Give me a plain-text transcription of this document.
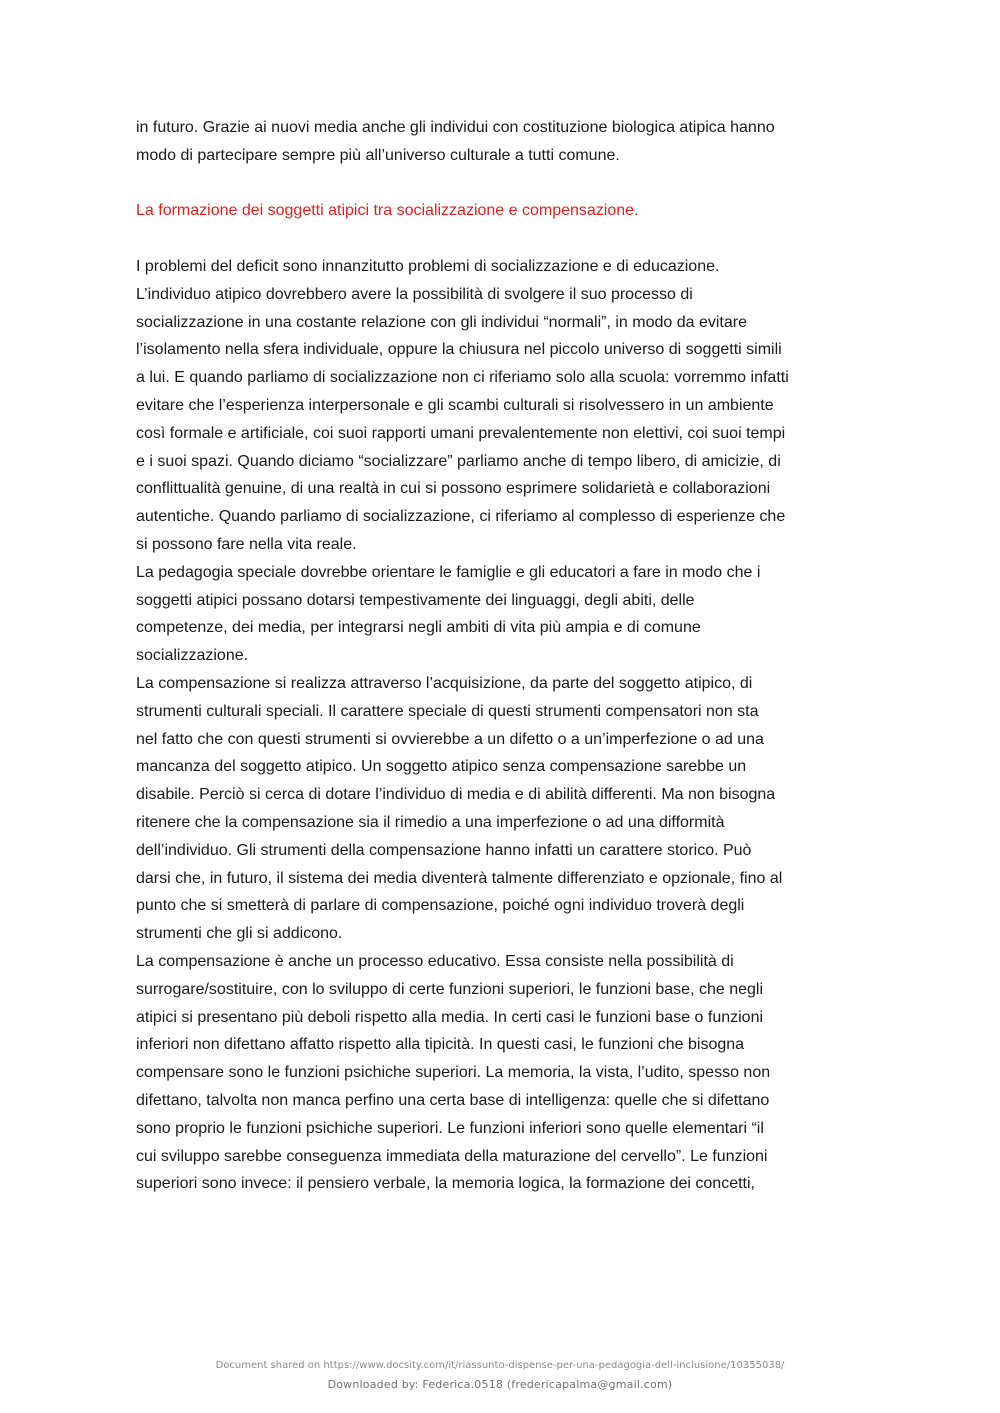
in futuro. Grazie ai nuovi media anche gli individui con costituzione biologica atipica hanno
modo di partecipare sempre più all’universo culturale a tutti comune.
La formazione dei soggetti atipici tra socializzazione e compensazione.
I problemi del deficit sono innanzitutto problemi di socializzazione e di educazione.
L’individuo atipico dovrebbero avere la possibilità di svolgere il suo processo di
socializzazione in una costante relazione con gli individui “normali”, in modo da evitare
l’isolamento nella sfera individuale, oppure la chiusura nel piccolo universo di soggetti simili
a lui. E quando parliamo di socializzazione non ci riferiamo solo alla scuola: vorremmo infatti
evitare che l’esperienza interpersonale e gli scambi culturali si risolvessero in un ambiente
così formale e artificiale, coi suoi rapporti umani prevalentemente non elettivi, coi suoi tempi
e i suoi spazi. Quando diciamo “socializzare” parliamo anche di tempo libero, di amicizie, di
conflittualità genuine, di una realtà in cui si possono esprimere solidarietà e collaborazioni
autentiche. Quando parliamo di socializzazione, ci riferiamo al complesso di esperienze che
si possono fare nella vita reale.
La pedagogia speciale dovrebbe orientare le famiglie e gli educatori a fare in modo che i
soggetti atipici possano dotarsi tempestivamente dei linguaggi, degli abiti, delle
competenze, dei media, per integrarsi negli ambiti di vita più ampia e di comune
socializzazione.
La compensazione si realizza attraverso l’acquisizione, da parte del soggetto atipico, di
strumenti culturali speciali. Il carattere speciale di questi strumenti compensatori non sta
nel fatto che con questi strumenti si ovvierebbe a un difetto o a un’imperfezione o ad una
mancanza del soggetto atipico. Un soggetto atipico senza compensazione sarebbe un
disabile. Perciò si cerca di dotare l’individuo di media e di abilità differenti. Ma non bisogna
ritenere che la compensazione sia il rimedio a una imperfezione o ad una difformità
dell’individuo. Gli strumenti della compensazione hanno infatti un carattere storico. Può
darsi che, in futuro, il sistema dei media diventerà talmente differenziato e opzionale, fino al
punto che si smetterà di parlare di compensazione, poiché ogni individuo troverà degli
strumenti che gli si addicono.
La compensazione è anche un processo educativo. Essa consiste nella possibilità di
surrogare/sostituire, con lo sviluppo di certe funzioni superiori, le funzioni base, che negli
atipici si presentano più deboli rispetto alla media. In certi casi le funzioni base o funzioni
inferiori non difettano affatto rispetto alla tipicità. In questi casi, le funzioni che bisogna
compensare sono le funzioni psichiche superiori. La memoria, la vista, l’udito, spesso non
difettano, talvolta non manca perfino una certa base di intelligenza: quelle che si difettano
sono proprio le funzioni psichiche superiori. Le funzioni inferiori sono quelle elementari “il
cui sviluppo sarebbe conseguenza immediata della maturazione del cervello”. Le funzioni
superiori sono invece: il pensiero verbale, la memoria logica, la formazione dei concetti,
Document shared on https://www.docsity.com/it/riassunto-dispense-per-una-pedagogia-dell-inclusione/10355038/
Downloaded by: Federica.0518 (fredericapalma@gmail.com)
